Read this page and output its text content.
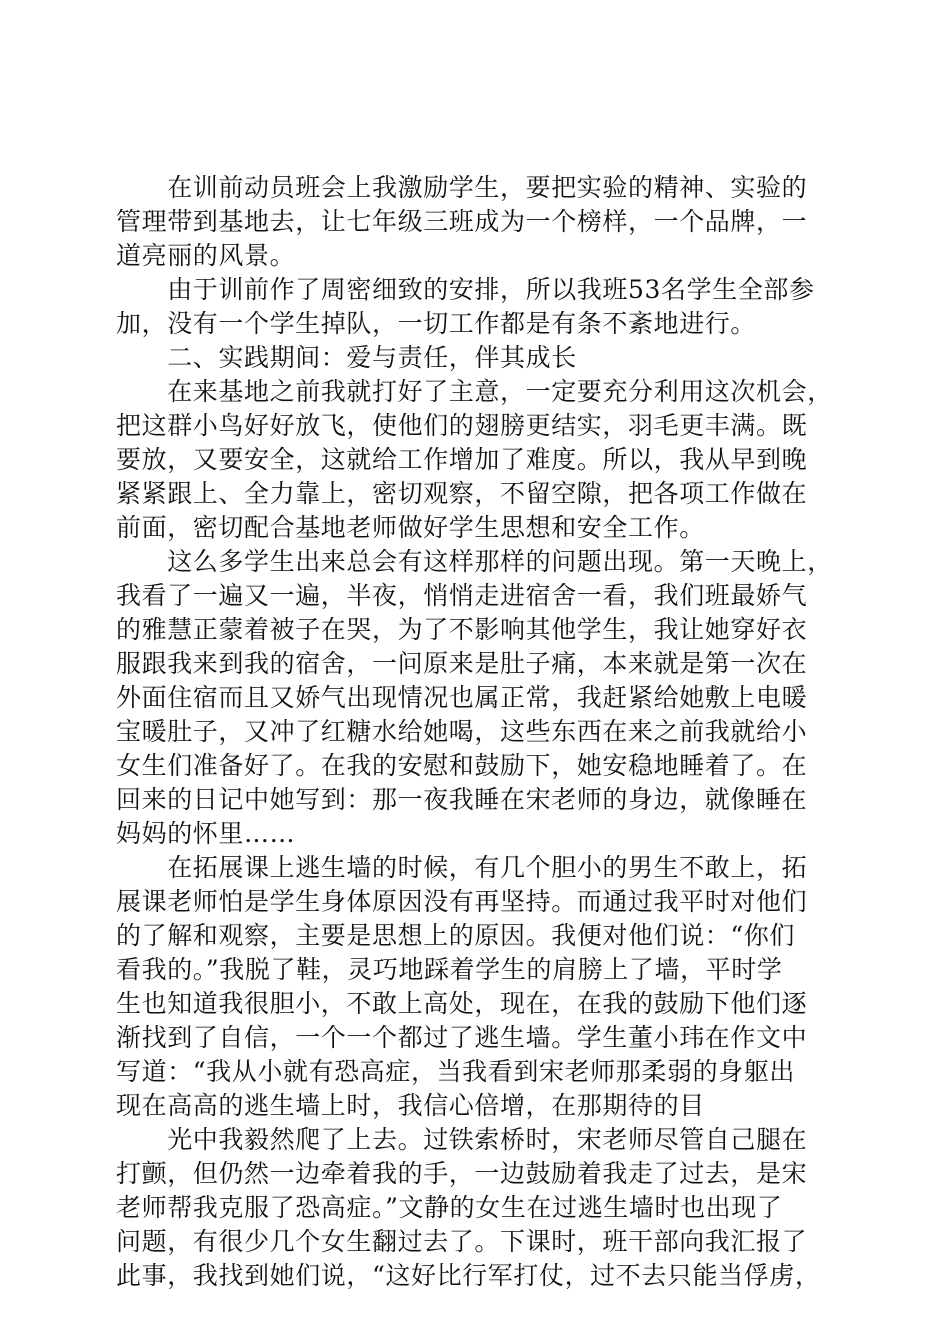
　　在训前动员班会上我激励学生，要把实验的精神、实验的
管理带到基地去，让七年级三班成为一个榜样，一个品牌，一
道亮丽的风景。
　　由于训前作了周密细致的安排，所以我班53名学生全部参
加，没有一个学生掉队，一切工作都是有条不紊地进行。
　　二、实践期间：爱与责任，伴其成长
　　在来基地之前我就打好了主意，一定要充分利用这次机会，
把这群小鸟好好放飞，使他们的翅膀更结实，羽毛更丰满。既
要放，又要安全，这就给工作增加了难度。所以，我从早到晚
紧紧跟上、全力靠上，密切观察，不留空隙，把各项工作做在
前面，密切配合基地老师做好学生思想和安全工作。
　　这么多学生出来总会有这样那样的问题出现。第一天晚上，
我看了一遍又一遍，半夜，悄悄走进宿舍一看，我们班最娇气
的雅慧正蒙着被子在哭，为了不影响其他学生，我让她穿好衣
服跟我来到我的宿舍，一问原来是肚子痛，本来就是第一次在
外面住宿而且又娇气出现情况也属正常，我赶紧给她敷上电暖
宝暖肚子，又冲了红糖水给她喝，这些东西在来之前我就给小
女生们准备好了。在我的安慰和鼓励下，她安稳地睡着了。在
回来的日记中她写到：那一夜我睡在宋老师的身边，就像睡在
妈妈的怀里……
　　在拓展课上逃生墙的时候，有几个胆小的男生不敢上，拓
展课老师怕是学生身体原因没有再坚持。而通过我平时对他们
的了解和观察，主要是思想上的原因。我便对他们说：“你们
看我的。”我脱了鞋，灵巧地踩着学生的肩膀上了墙，平时学
生也知道我很胆小，不敢上高处，现在，在我的鼓励下他们逐
渐找到了自信，一个一个都过了逃生墙。学生董小玮在作文中
写道：“我从小就有恐高症，当我看到宋老师那柔弱的身躯出
现在高高的逃生墙上时，我信心倍增，在那期待的目
　　光中我毅然爬了上去。过铁索桥时，宋老师尽管自己腿在
打颤，但仍然一边牵着我的手，一边鼓励着我走了过去，是宋
老师帮我克服了恐高症。”文静的女生在过逃生墙时也出现了
问题，有很少几个女生翻过去了。下课时，班干部向我汇报了
此事，我找到她们说，“这好比行军打仗，过不去只能当俘虏，
